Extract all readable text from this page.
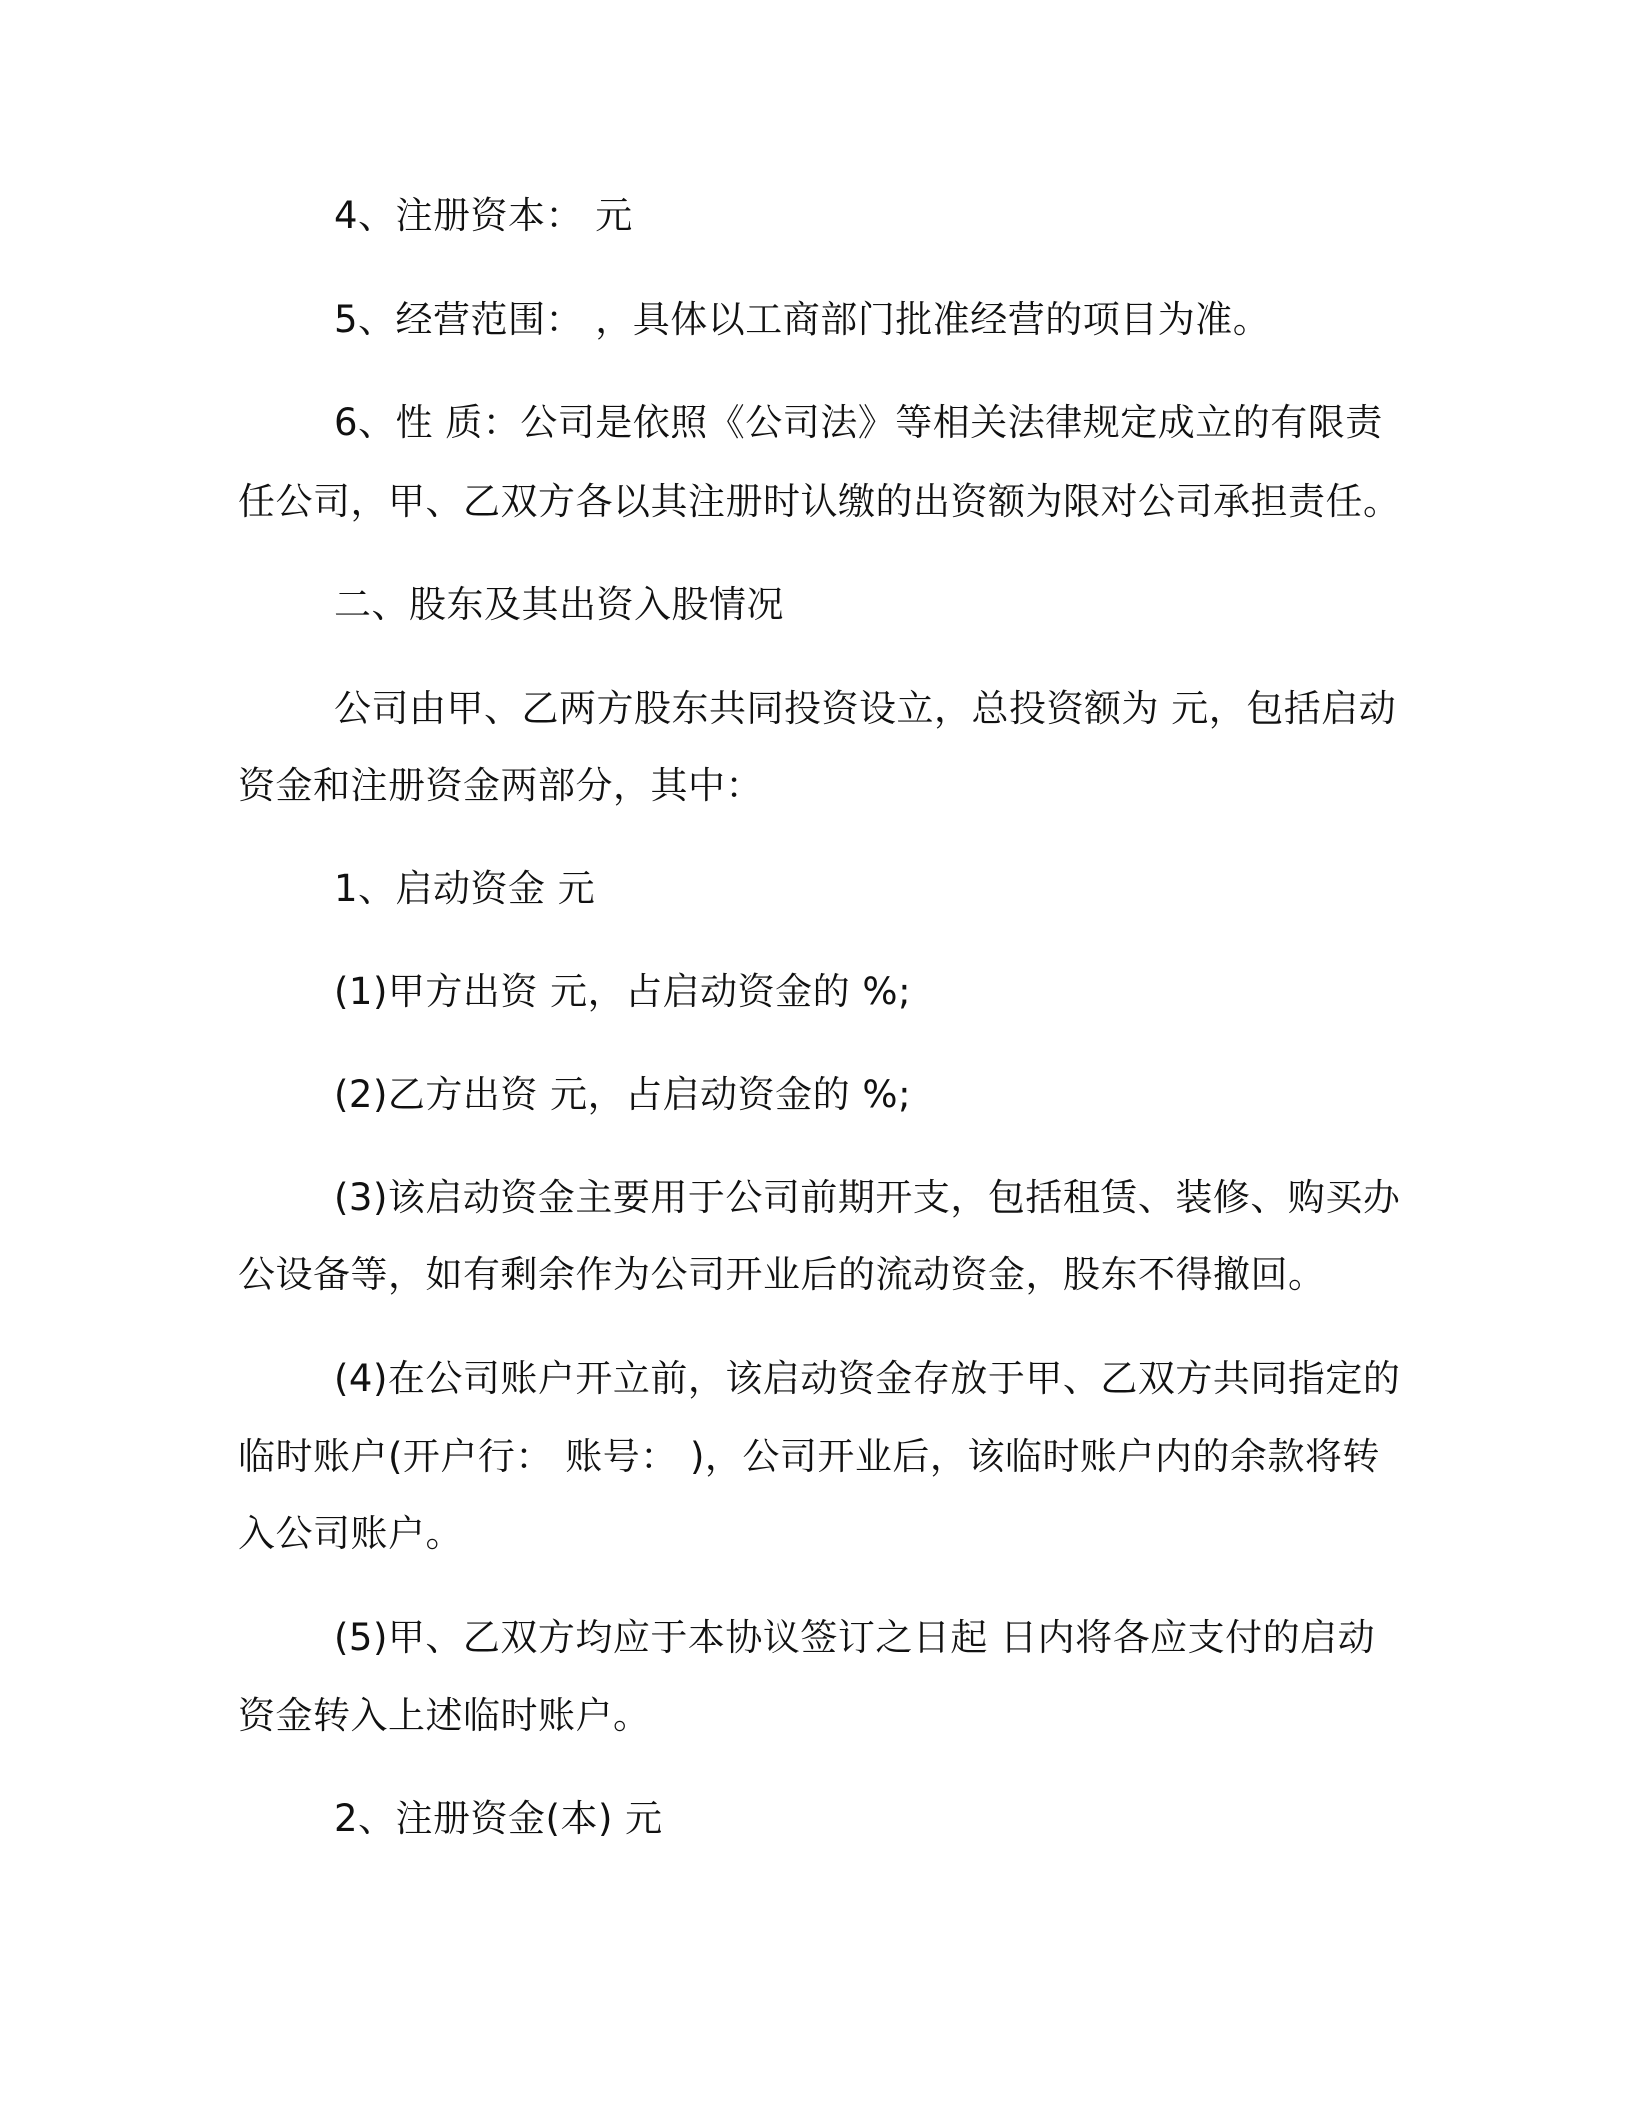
4、注册资本： 元
5、经营范围： ，具体以工商部门批准经营的项目为准。
6、性 质：公司是依照《公司法》等相关法律规定成立的有限责
任公司，甲、乙双方各以其注册时认缴的出资额为限对公司承担责任。
二、股东及其出资入股情况
公司由甲、乙两方股东共同投资设立，总投资额为 元，包括启动
资金和注册资金两部分，其中：
1、启动资金 元
(1)甲方出资 元，占启动资金的 %;
(2)乙方出资 元，占启动资金的 %;
(3)该启动资金主要用于公司前期开支，包括租赁、装修、购买办
公设备等，如有剩余作为公司开业后的流动资金，股东不得撤回。
(4)在公司账户开立前，该启动资金存放于甲、乙双方共同指定的
临时账户(开户行： 账号： )，公司开业后，该临时账户内的余款将转
入公司账户。
(5)甲、乙双方均应于本协议签订之日起 日内将各应支付的启动
资金转入上述临时账户。
2、注册资金(本) 元
